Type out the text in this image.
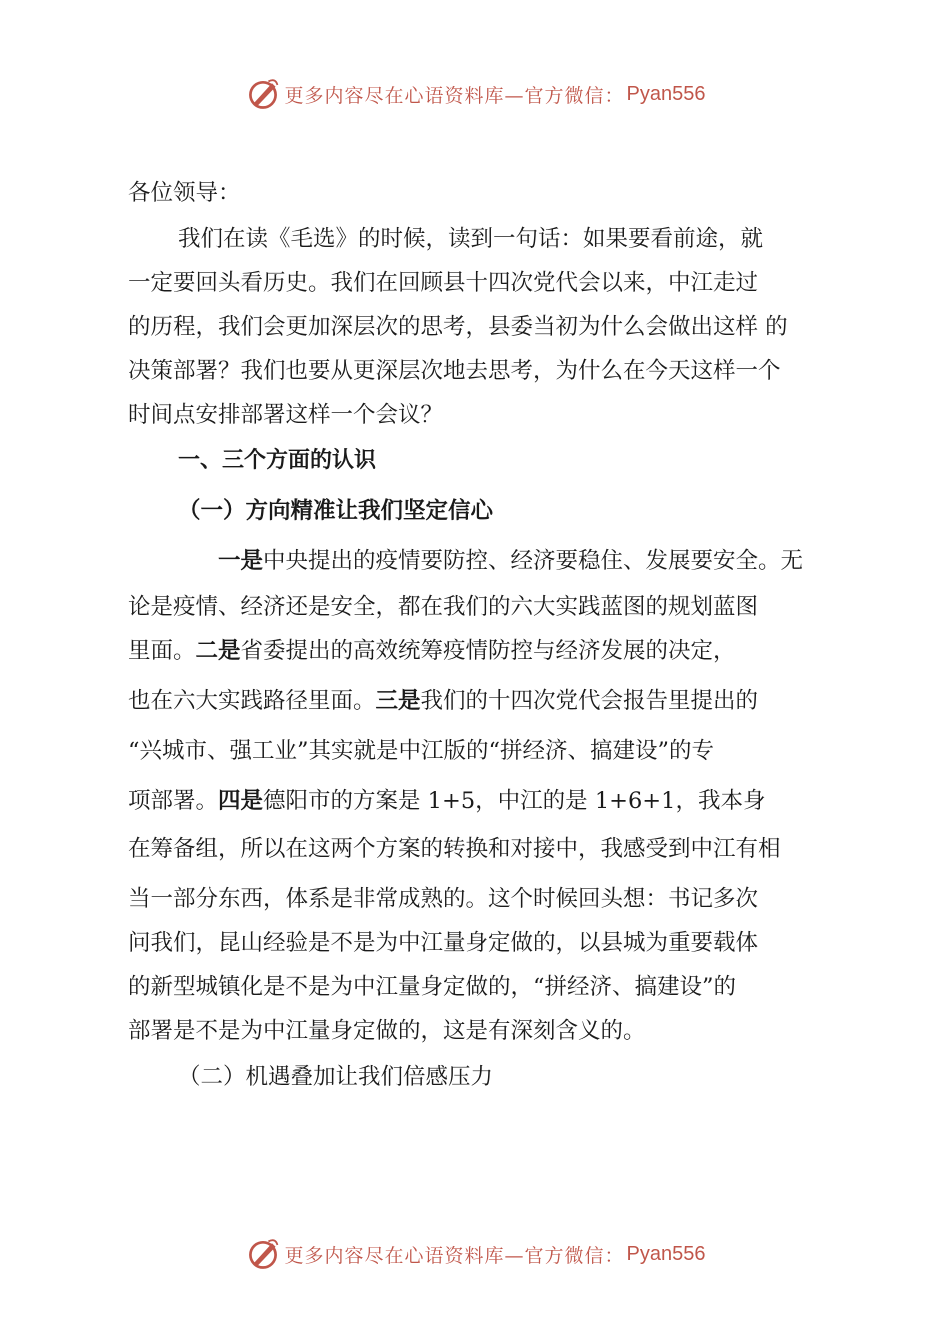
更多内容尽在心语资料库—官方微信： Pyan556
各位领导：
我们在读《毛选》的时候，读到一句话：如果要看前途，就
一定要回头看历史。我们在回顾县十四次党代会以来，中江走过
的历程，我们会更加深层次的思考，县委当初为什么会做出这样 的
决策部署？我们也要从更深层次地去思考，为什么在今天这样一个
时间点安排部署这样一个会议？
一、三个方面的认识
（一）方向精准让我们坚定信心
一是中央提出的疫情要防控、经济要稳住、发展要安全。无
论是疫情、经济还是安全，都在我们的六大实践蓝图的规划蓝图
里面。二是省委提出的高效统筹疫情防控与经济发展的决定，
也在六大实践路径里面。三是我们的十四次党代会报告里提出的
“兴城市、强工业”其实就是中江版的“拼经济、搞建设”的专
项部署。四是德阳市的方案是 1+5，中江的是 1+6+1，我本身
在筹备组，所以在这两个方案的转换和对接中，我感受到中江有相
当一部分东西，体系是非常成熟的。这个时候回头想：书记多次
问我们，昆山经验是不是为中江量身定做的，以县城为重要载体
的新型城镇化是不是为中江量身定做的，“拼经济、搞建设”的
部署是不是为中江量身定做的，这是有深刻含义的。
（二）机遇叠加让我们倍感压力
更多内容尽在心语资料库—官方微信： Pyan556
